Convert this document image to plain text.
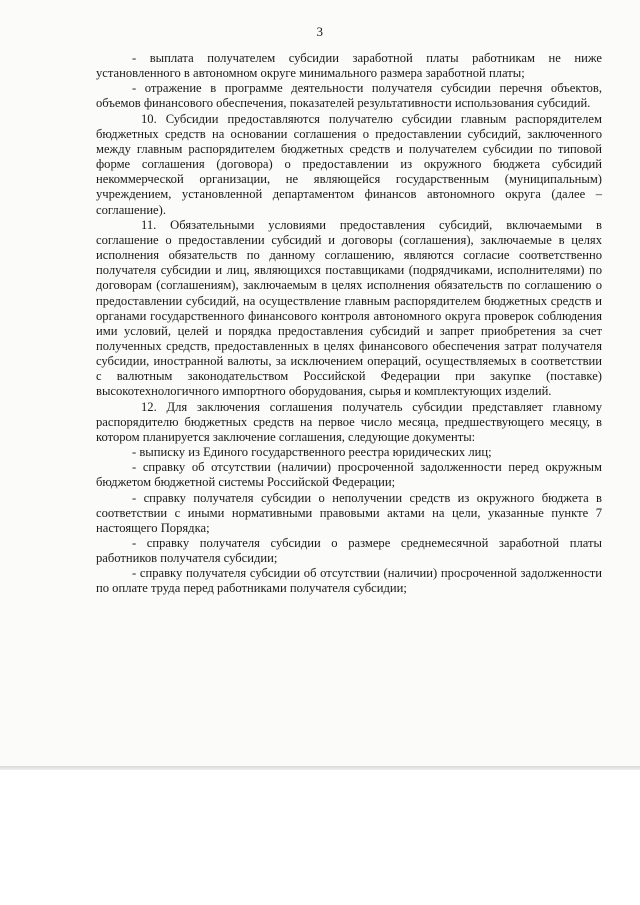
3

- выплата получателем субсидии заработной платы работникам не ниже установленного в автономном округе минимального размера заработной платы;

- отражение в программе деятельности получателя субсидии перечня объектов, объемов финансового обеспечения, показателей результативности использования субсидий.

10. Субсидии предоставляются получателю субсидии главным распорядителем бюджетных средств на основании соглашения о предоставлении субсидий, заключенного между главным распорядителем бюджетных средств и получателем субсидии по типовой форме соглашения (договора) о предоставлении из окружного бюджета субсидий некоммерческой организации, не являющейся государственным (муниципальным) учреждением, установленной департаментом финансов автономного округа (далее – соглашение).

11. Обязательными условиями предоставления субсидий, включаемыми в соглашение о предоставлении субсидий и договоры (соглашения), заключаемые в целях исполнения обязательств по данному соглашению, являются согласие соответственно получателя субсидии и лиц, являющихся поставщиками (подрядчиками, исполнителями) по договорам (соглашениям), заключаемым в целях исполнения обязательств по соглашению о предоставлении субсидий, на осуществление главным распорядителем бюджетных средств и органами государственного финансового контроля автономного округа проверок соблюдения ими условий, целей и порядка предоставления субсидий и запрет приобретения за счет полученных средств, предоставленных в целях финансового обеспечения затрат получателя субсидии, иностранной валюты, за исключением операций, осуществляемых в соответствии с валютным законодательством Российской Федерации при закупке (поставке) высокотехнологичного импортного оборудования, сырья и комплектующих изделий.

12. Для заключения соглашения получатель субсидии представляет главному распорядителю бюджетных средств на первое число месяца, предшествующего месяцу, в котором планируется заключение соглашения, следующие документы:

- выписку из Единого государственного реестра юридических лиц;

- справку об отсутствии (наличии) просроченной задолженности перед окружным бюджетом бюджетной системы Российской Федерации;

- справку получателя субсидии о неполучении средств из окружного бюджета в соответствии с иными нормативными правовыми актами на цели, указанные пункте 7 настоящего Порядка;

- справку получателя субсидии о размере среднемесячной заработной платы работников получателя субсидии;

- справку получателя субсидии об отсутствии (наличии) просроченной задолженности по оплате труда перед работниками получателя субсидии;
